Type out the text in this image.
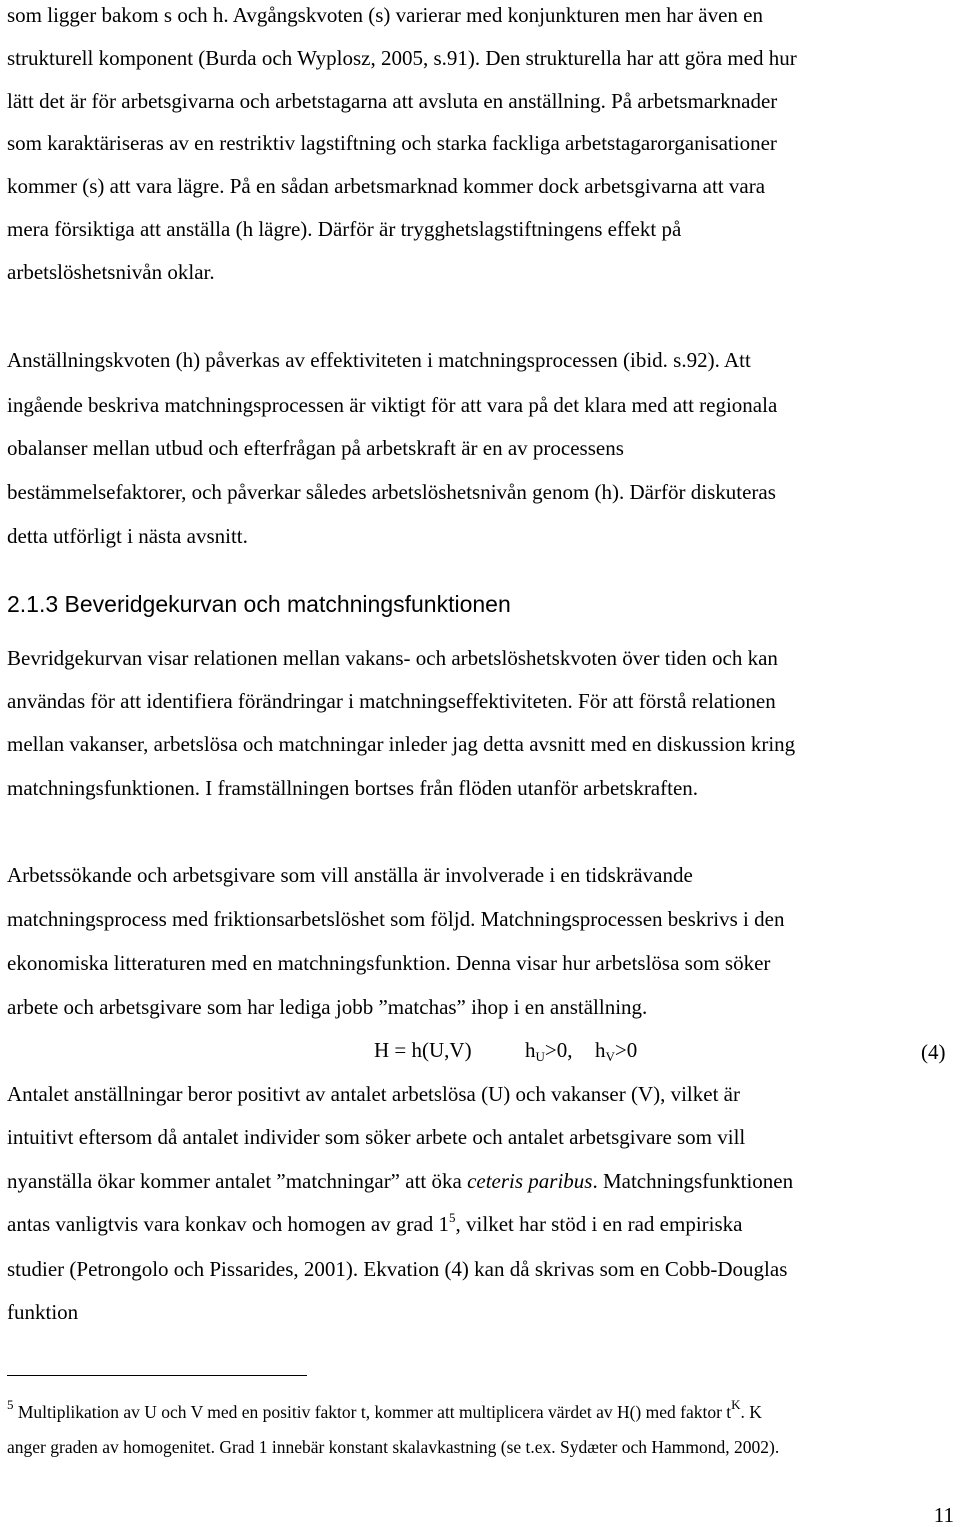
som ligger bakom s och h. Avgångskvoten (s) varierar med konjunkturen men har även en

strukturell komponent (Burda och Wyplosz, 2005, s.91). Den strukturella har att göra med hur

lätt det är för arbetsgivarna och arbetstagarna att avsluta en anställning. På arbetsmarknader

som karaktäriseras av en restriktiv lagstiftning och starka fackliga arbetstagarorganisationer

kommer (s) att vara lägre. På en sådan arbetsmarknad kommer dock arbetsgivarna att vara

mera försiktiga att anställa (h lägre). Därför är trygghetslagstiftningens effekt på

arbetslöshetsnivån oklar.

Anställningskvoten (h) påverkas av effektiviteten i matchningsprocessen (ibid. s.92). Att

ingående beskriva matchningsprocessen är viktigt för att vara på det klara med att regionala

obalanser mellan utbud och efterfrågan på arbetskraft är en av processens

bestämmelsefaktorer, och påverkar således arbetslöshetsnivån genom (h). Därför diskuteras

detta utförligt i nästa avsnitt.

2.1.3 Beveridgekurvan och matchningsfunktionen

Bevridgekurvan visar relationen mellan vakans- och arbetslöshetskvoten över tiden och kan

användas för att identifiera förändringar i matchningseffektiviteten. För att förstå relationen

mellan vakanser, arbetslösa och matchningar inleder jag detta avsnitt med en diskussion kring

matchningsfunktionen. I framställningen bortses från flöden utanför arbetskraften.

Arbetssökande och arbetsgivare som vill anställa är involverade i en tidskrävande

matchningsprocess med friktionsarbetslöshet som följd. Matchningsprocessen beskrivs i den

ekonomiska litteraturen med en matchningsfunktion. Denna visar hur arbetslösa som söker

arbete och arbetsgivare som har lediga jobb ”matchas” ihop i en anställning.

H = h(U,V)	$h_U>0$, $h_V>0$	(4)

Antalet anställningar beror positivt av antalet arbetslösa (U) och vakanser (V), vilket är

intuitivt eftersom då antalet individer som söker arbete och antalet arbetsgivare som vill

nyanställa ökar kommer antalet ”matchningar” att öka ceteris paribus. Matchningsfunktionen

antas vanligtvis vara konkav och homogen av grad $1^5$, vilket har stöd i en rad empiriska

studier (Petrongolo och Pissarides, 2001). Ekvation (4) kan då skrivas som en Cobb-Douglas

funktion

$^5$ Multiplikation av U och V med en positiv faktor t, kommer att multiplicera värdet av H() med faktor $t^K$. K

anger graden av homogenitet. Grad 1 innebär konstant skalavkastning (se t.ex. Sydæter och Hammond, 2002).

11
